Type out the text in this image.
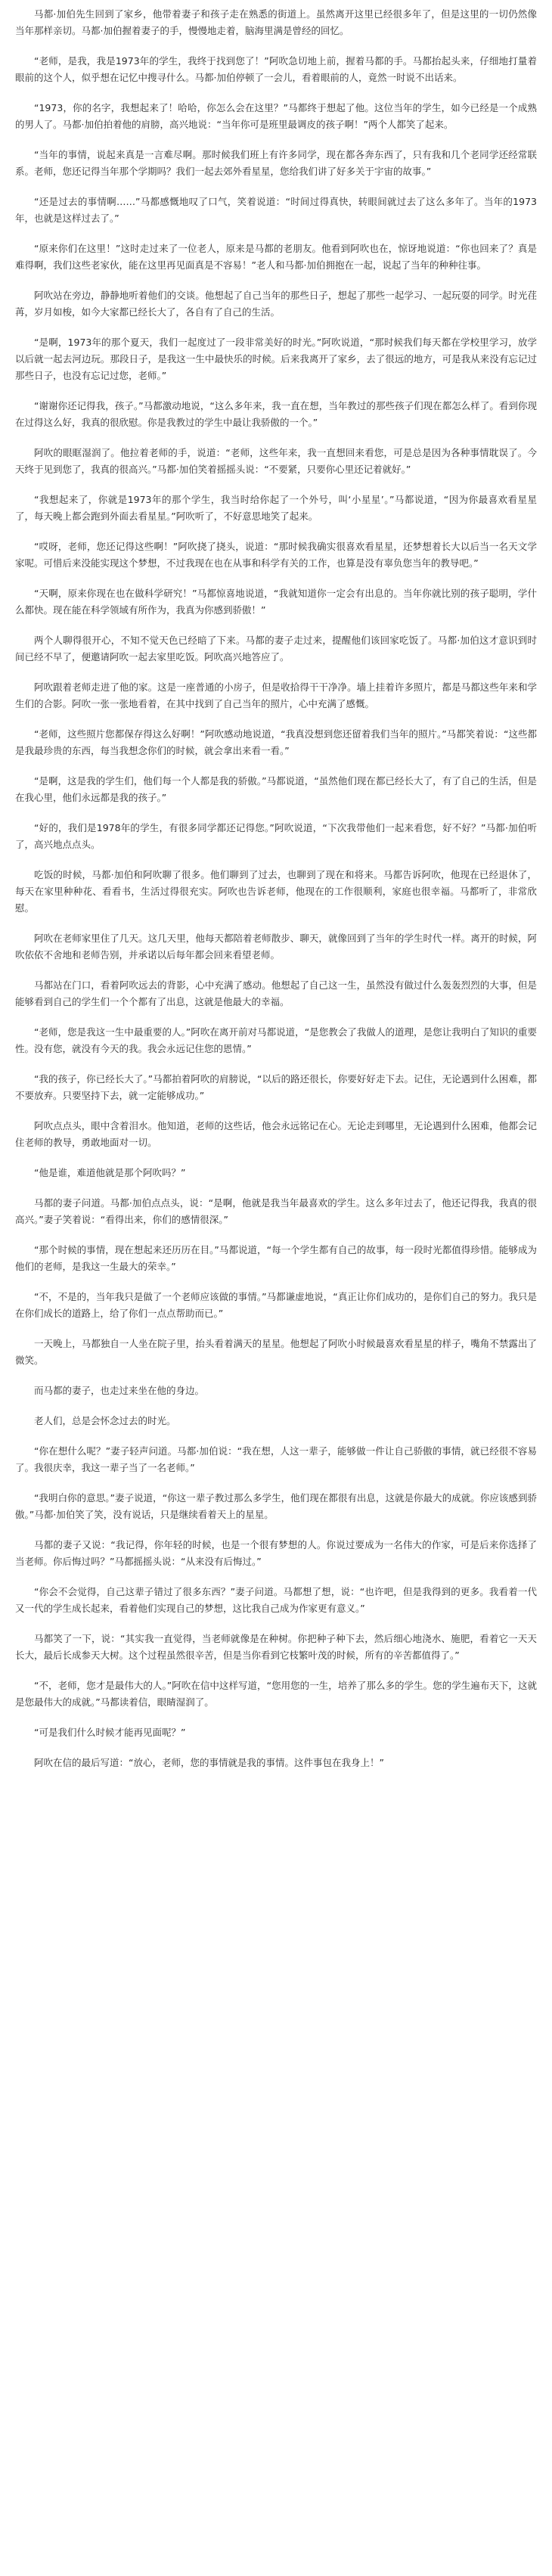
马都·加伯先生回到了家乡，他带着妻子和孩子走在熟悉的街道上。虽然离开这里已经很多年了，但是这里的一切仍然像当年那样亲切。马都·加伯握着妻子的手，慢慢地走着，脑海里满是曾经的回忆。

“老师，是我，我是1973年的学生，我终于找到您了！”阿吹急切地上前，握着马都的手。马都抬起头来，仔细地打量着眼前的这个人，似乎想在记忆中搜寻什么。马都·加伯停顿了一会儿，看着眼前的人，竟然一时说不出话来。

“1973，你的名字，我想起来了！哈哈，你怎么会在这里？”马都终于想起了他。这位当年的学生，如今已经是一个成熟的男人了。马都·加伯拍着他的肩膀，高兴地说：“当年你可是班里最调皮的孩子啊！”两个人都笑了起来。

“当年的事情，说起来真是一言难尽啊。那时候我们班上有许多同学，现在都各奔东西了，只有我和几个老同学还经常联系。老师，您还记得当年那个学期吗？我们一起去郊外看星星，您给我们讲了好多关于宇宙的故事。”

“还是过去的事情啊……”马都感慨地叹了口气，笑着说道：“时间过得真快，转眼间就过去了这么多年了。当年的1973年，也就是这样过去了。”

“原来你们在这里！”这时走过来了一位老人，原来是马都的老朋友。他看到阿吹也在，惊讶地说道：“你也回来了？真是难得啊，我们这些老家伙，能在这里再见面真是不容易！”老人和马都·加伯拥抱在一起，说起了当年的种种往事。

阿吹站在旁边，静静地听着他们的交谈。他想起了自己当年的那些日子，想起了那些一起学习、一起玩耍的同学。时光荏苒，岁月如梭，如今大家都已经长大了，各自有了自己的生活。

“是啊，1973年的那个夏天，我们一起度过了一段非常美好的时光。”阿吹说道，“那时候我们每天都在学校里学习，放学以后就一起去河边玩。那段日子，是我这一生中最快乐的时候。后来我离开了家乡，去了很远的地方，可是我从来没有忘记过那些日子，也没有忘记过您，老师。”

“谢谢你还记得我，孩子。”马都激动地说，“这么多年来，我一直在想，当年教过的那些孩子们现在都怎么样了。看到你现在过得这么好，我真的很欣慰。你是我教过的学生中最让我骄傲的一个。”

阿吹的眼眶湿润了。他拉着老师的手，说道：“老师，这些年来，我一直想回来看您，可是总是因为各种事情耽误了。今天终于见到您了，我真的很高兴。”马都·加伯笑着摇摇头说：“不要紧，只要你心里还记着就好。”

“我想起来了，你就是1973年的那个学生，我当时给你起了一个外号，叫‘小星星’。”马都说道，“因为你最喜欢看星星了，每天晚上都会跑到外面去看星星。”阿吹听了，不好意思地笑了起来。

“哎呀，老师，您还记得这些啊！”阿吹挠了挠头，说道：“那时候我确实很喜欢看星星，还梦想着长大以后当一名天文学家呢。可惜后来没能实现这个梦想，不过我现在也在从事和科学有关的工作，也算是没有辜负您当年的教导吧。”

“天啊，原来你现在也在做科学研究！”马都惊喜地说道，“我就知道你一定会有出息的。当年你就比别的孩子聪明，学什么都快。现在能在科学领域有所作为，我真为你感到骄傲！”

两个人聊得很开心，不知不觉天色已经暗了下来。马都的妻子走过来，提醒他们该回家吃饭了。马都·加伯这才意识到时间已经不早了，便邀请阿吹一起去家里吃饭。阿吹高兴地答应了。

阿吹跟着老师走进了他的家。这是一座普通的小房子，但是收拾得干干净净。墙上挂着许多照片，都是马都这些年来和学生们的合影。阿吹一张一张地看着，在其中找到了自己当年的照片，心中充满了感慨。

“老师，这些照片您都保存得这么好啊！”阿吹感动地说道，“我真没想到您还留着我们当年的照片。”马都笑着说：“这些都是我最珍贵的东西，每当我想念你们的时候，就会拿出来看一看。”

“是啊，这是我的学生们，他们每一个人都是我的骄傲。”马都说道，“虽然他们现在都已经长大了，有了自己的生活，但是在我心里，他们永远都是我的孩子。”

“好的，我们是1978年的学生，有很多同学都还记得您。”阿吹说道，“下次我带他们一起来看您，好不好？”马都·加伯听了，高兴地点点头。

吃饭的时候，马都·加伯和阿吹聊了很多。他们聊到了过去，也聊到了现在和将来。马都告诉阿吹，他现在已经退休了，每天在家里种种花、看看书，生活过得很充实。阿吹也告诉老师，他现在的工作很顺利，家庭也很幸福。马都听了，非常欣慰。

阿吹在老师家里住了几天。这几天里，他每天都陪着老师散步、聊天，就像回到了当年的学生时代一样。离开的时候，阿吹依依不舍地和老师告别，并承诺以后每年都会回来看望老师。

马都站在门口，看着阿吹远去的背影，心中充满了感动。他想起了自己这一生，虽然没有做过什么轰轰烈烈的大事，但是能够看到自己的学生们一个个都有了出息，这就是他最大的幸福。

“老师，您是我这一生中最重要的人。”阿吹在离开前对马都说道，“是您教会了我做人的道理，是您让我明白了知识的重要性。没有您，就没有今天的我。我会永远记住您的恩情。”

“我的孩子，你已经长大了。”马都拍着阿吹的肩膀说，“以后的路还很长，你要好好走下去。记住，无论遇到什么困难，都不要放弃。只要坚持下去，就一定能够成功。”

阿吹点点头，眼中含着泪水。他知道，老师的这些话，他会永远铭记在心。无论走到哪里，无论遇到什么困难，他都会记住老师的教导，勇敢地面对一切。

“他是谁，难道他就是那个阿吹吗？”

马都的妻子问道。马都·加伯点点头，说：“是啊，他就是我当年最喜欢的学生。这么多年过去了，他还记得我，我真的很高兴。”妻子笑着说：“看得出来，你们的感情很深。”

“那个时候的事情，现在想起来还历历在目。”马都说道，“每一个学生都有自己的故事，每一段时光都值得珍惜。能够成为他们的老师，是我这一生最大的荣幸。”

“不，不是的，当年我只是做了一个老师应该做的事情。”马都谦虚地说，“真正让你们成功的，是你们自己的努力。我只是在你们成长的道路上，给了你们一点点帮助而已。”

一天晚上，马都独自一人坐在院子里，抬头看着满天的星星。他想起了阿吹小时候最喜欢看星星的样子，嘴角不禁露出了微笑。

而马都的妻子，也走过来坐在他的身边。

老人们，总是会怀念过去的时光。

“你在想什么呢？”妻子轻声问道。马都·加伯说：“我在想，人这一辈子，能够做一件让自己骄傲的事情，就已经很不容易了。我很庆幸，我这一辈子当了一名老师。”

“我明白你的意思。”妻子说道，“你这一辈子教过那么多学生，他们现在都很有出息，这就是你最大的成就。你应该感到骄傲。”马都·加伯笑了笑，没有说话，只是继续看着天上的星星。

马都的妻子又说：“我记得，你年轻的时候，也是一个很有梦想的人。你说过要成为一名伟大的作家，可是后来你选择了当老师。你后悔过吗？”马都摇摇头说：“从来没有后悔过。”

“你会不会觉得，自己这辈子错过了很多东西？”妻子问道。马都想了想，说：“也许吧，但是我得到的更多。我看着一代又一代的学生成长起来，看着他们实现自己的梦想，这比我自己成为作家更有意义。”

马都笑了一下，说：“其实我一直觉得，当老师就像是在种树。你把种子种下去，然后细心地浇水、施肥，看着它一天天长大，最后长成参天大树。这个过程虽然很辛苦，但是当你看到它枝繁叶茂的时候，所有的辛苦都值得了。”

“不，老师，您才是最伟大的人。”阿吹在信中这样写道，“您用您的一生，培养了那么多的学生。您的学生遍布天下，这就是您最伟大的成就。”马都读着信，眼睛湿润了。

“可是我们什么时候才能再见面呢？”

阿吹在信的最后写道：“放心，老师，您的事情就是我的事情。这件事包在我身上！”
